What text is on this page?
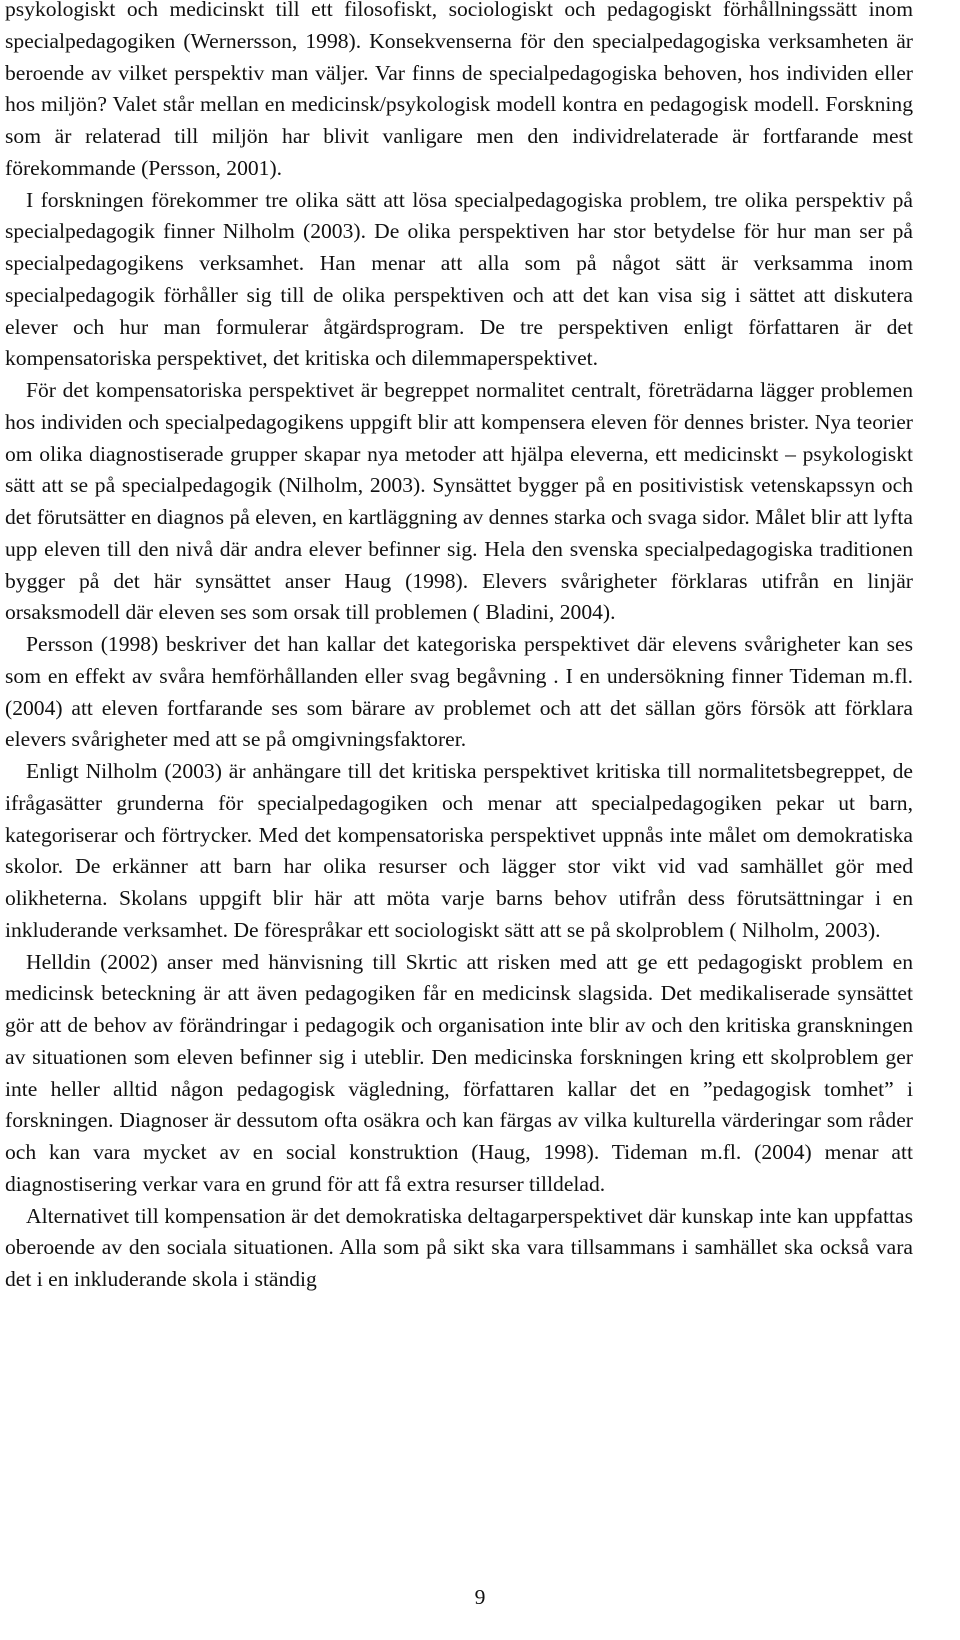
psykologiskt och medicinskt till ett filosofiskt, sociologiskt och pedagogiskt förhållningssätt inom specialpedagogiken (Wernersson, 1998). Konsekvenserna för den specialpedagogiska verksamheten är beroende av vilket perspektiv man väljer. Var finns de specialpedagogiska behoven, hos individen eller hos miljön? Valet står mellan en medicinsk/psykologisk modell kontra en pedagogisk modell. Forskning som är relaterad till miljön har blivit vanligare men den individrelaterade är fortfarande mest förekommande (Persson, 2001).

I forskningen förekommer tre olika sätt att lösa specialpedagogiska problem, tre olika perspektiv på specialpedagogik finner Nilholm (2003). De olika perspektiven har stor betydelse för hur man ser på specialpedagogikens verksamhet. Han menar att alla som på något sätt är verksamma inom specialpedagogik förhåller sig till de olika perspektiven och att det kan visa sig i sättet att diskutera elever och hur man formulerar åtgärdsprogram. De tre perspektiven enligt författaren är det kompensatoriska perspektivet, det kritiska och dilemmaperspektivet.

För det kompensatoriska perspektivet är begreppet normalitet centralt, företrädarna lägger problemen hos individen och specialpedagogikens uppgift blir att kompensera eleven för dennes brister. Nya teorier om olika diagnostiserade grupper skapar nya metoder att hjälpa eleverna, ett medicinskt – psykologiskt sätt att se på specialpedagogik (Nilholm, 2003). Synsättet bygger på en positivistisk vetenskapssyn och det förutsätter en diagnos på eleven, en kartläggning av dennes starka och svaga sidor. Målet blir att lyfta upp eleven till den nivå där andra elever befinner sig. Hela den svenska specialpedagogiska traditionen bygger på det här synsättet anser Haug (1998). Elevers svårigheter förklaras utifrån en linjär orsaksmodell där eleven ses som orsak till problemen ( Bladini, 2004).

Persson (1998) beskriver det han kallar det kategoriska perspektivet där elevens svårigheter kan ses som en effekt av svåra hemförhållanden eller svag begåvning . I en undersökning finner Tideman m.fl. (2004) att eleven fortfarande ses som bärare av problemet och att det sällan görs försök att förklara elevers svårigheter med att se på omgivningsfaktorer.

Enligt Nilholm (2003) är anhängare till det kritiska perspektivet kritiska till normalitetsbegreppet, de ifrågasätter grunderna för specialpedagogiken och menar att specialpedagogiken pekar ut barn, kategoriserar och förtrycker. Med det kompensatoriska perspektivet uppnås inte målet om demokratiska skolor. De erkänner att barn har olika resurser och lägger stor vikt vid vad samhället gör med olikheterna. Skolans uppgift blir här att möta varje barns behov utifrån dess förutsättningar i en inkluderande verksamhet. De förespråkar ett sociologiskt sätt att se på skolproblem ( Nilholm, 2003).

Helldin (2002) anser med hänvisning till Skrtic att risken med att ge ett pedagogiskt problem en medicinsk beteckning är att även pedagogiken får en medicinsk slagsida. Det medikaliserade synsättet gör att de behov av förändringar i pedagogik och organisation inte blir av och den kritiska granskningen av situationen som eleven befinner sig i uteblir. Den medicinska forskningen kring ett skolproblem ger inte heller alltid någon pedagogisk vägledning, författaren kallar det en ”pedagogisk tomhet” i forskningen. Diagnoser är dessutom ofta osäkra och kan färgas av vilka kulturella värderingar som råder och kan vara mycket av en social konstruktion (Haug, 1998). Tideman m.fl. (2004) menar att diagnostisering verkar vara en grund för att få extra resurser tilldelad.

Alternativet till kompensation är det demokratiska deltagarperspektivet där kunskap inte kan uppfattas oberoende av den sociala situationen. Alla som på sikt ska vara tillsammans i samhället ska också vara det i en inkluderande skola i ständig

9
